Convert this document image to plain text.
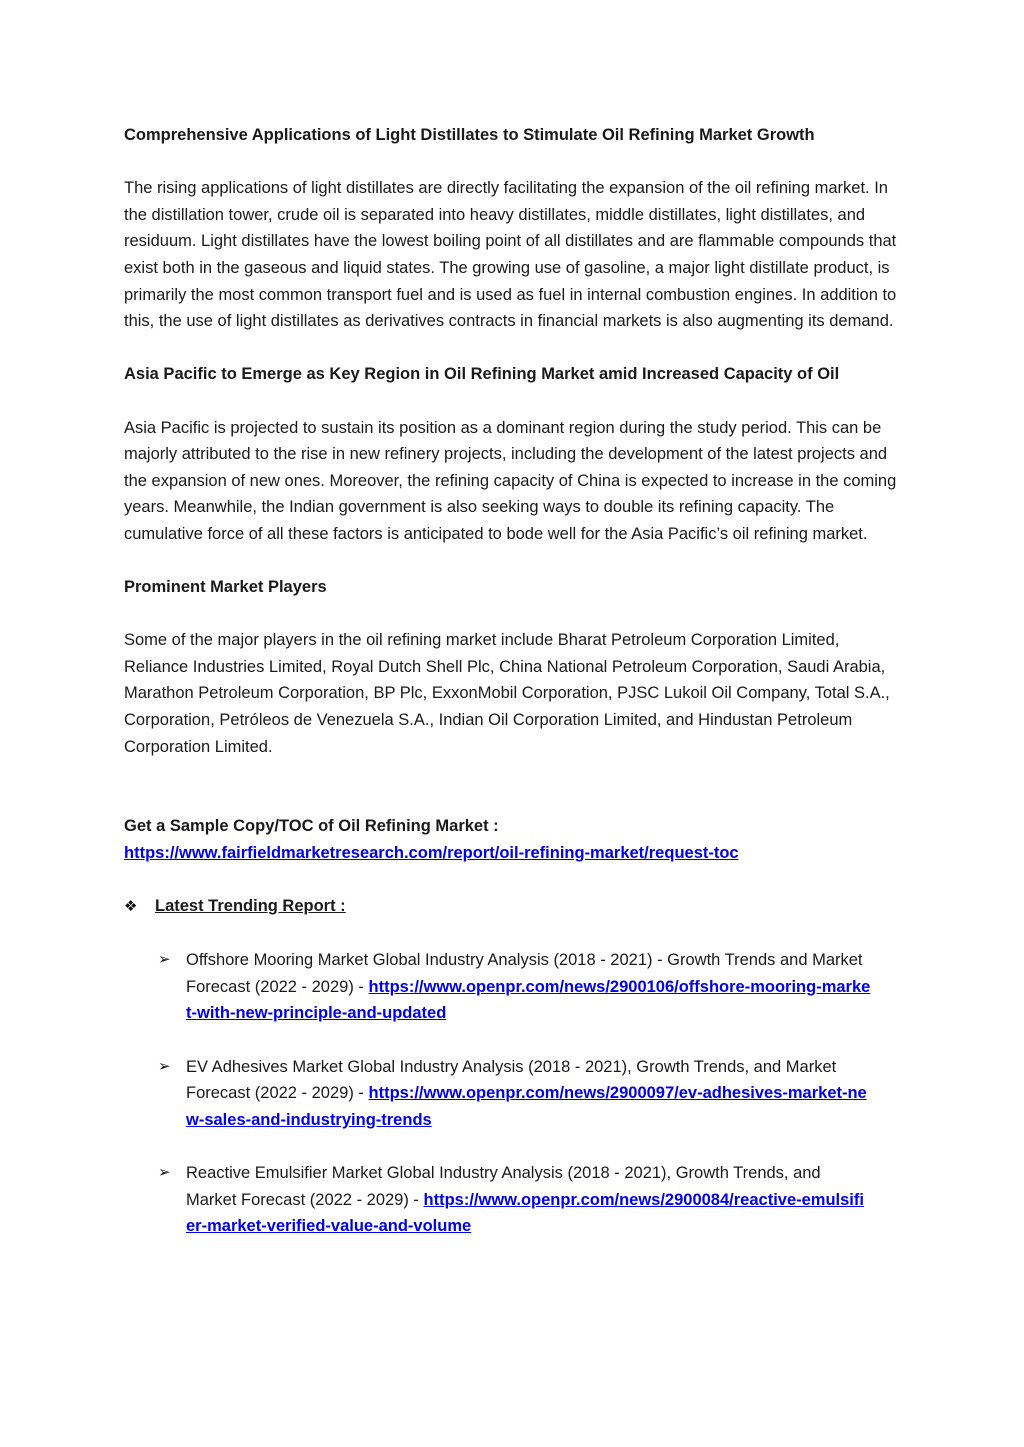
Comprehensive Applications of Light Distillates to Stimulate Oil Refining Market Growth

The rising applications of light distillates are directly facilitating the expansion of the oil refining market. In the distillation tower, crude oil is separated into heavy distillates, middle distillates, light distillates, and residuum. Light distillates have the lowest boiling point of all distillates and are flammable compounds that exist both in the gaseous and liquid states. The growing use of gasoline, a major light distillate product, is primarily the most common transport fuel and is used as fuel in internal combustion engines. In addition to this, the use of light distillates as derivatives contracts in financial markets is also augmenting its demand.

Asia Pacific to Emerge as Key Region in Oil Refining Market amid Increased Capacity of Oil

Asia Pacific is projected to sustain its position as a dominant region during the study period. This can be majorly attributed to the rise in new refinery projects, including the development of the latest projects and the expansion of new ones. Moreover, the refining capacity of China is expected to increase in the coming years. Meanwhile, the Indian government is also seeking ways to double its refining capacity. The cumulative force of all these factors is anticipated to bode well for the Asia Pacific’s oil refining market.

Prominent Market Players

Some of the major players in the oil refining market include Bharat Petroleum Corporation Limited, Reliance Industries Limited, Royal Dutch Shell Plc, China National Petroleum Corporation, Saudi Arabia, Marathon Petroleum Corporation, BP Plc, ExxonMobil Corporation, PJSC Lukoil Oil Company, Total S.A., Corporation, Petróleos de Venezuela S.A., Indian Oil Corporation Limited, and Hindustan Petroleum Corporation Limited.

Get a Sample Copy/TOC of Oil Refining Market :

https://www.fairfieldmarketresearch.com/report/oil-refining-market/request-toc

❖	Latest Trending Report :
➢ Offshore Mooring Market Global Industry Analysis (2018 - 2021) - Growth Trends and Market Forecast (2022 - 2029) - https://www.openpr.com/news/2900106/offshore-mooring-market-with-new-principle-and-updated
➢ EV Adhesives Market Global Industry Analysis (2018 - 2021), Growth Trends, and Market Forecast (2022 - 2029) - https://www.openpr.com/news/2900097/ev-adhesives-market-new-sales-and-industrying-trends
➢ Reactive Emulsifier Market Global Industry Analysis (2018 - 2021), Growth Trends, and Market Forecast (2022 - 2029) - https://www.openpr.com/news/2900084/reactive-emulsifier-market-verified-value-and-volume
